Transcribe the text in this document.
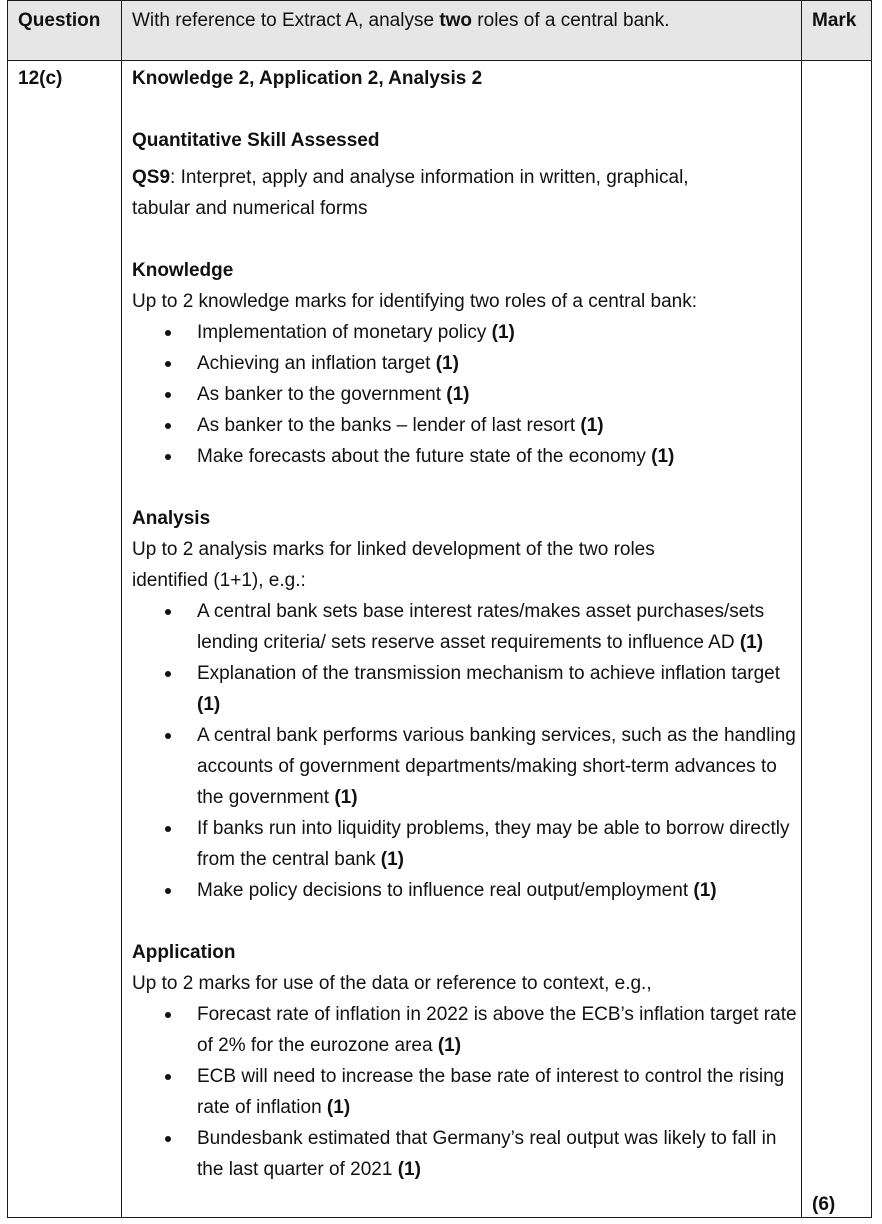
Question With reference to Extract A, analyse two roles of a central bank.	Mark
12(c)
(6)
Knowledge 2, Application 2, Analysis 2
Quantitative Skill Assessed
QS9: Interpret, apply and analyse information in written, graphical,
tabular and numerical forms
Knowledge
Up to 2 knowledge marks for identifying two roles of a central bank:
Implementation of monetary policy (1)
Achieving an inflation target (1)
As banker to the government (1)
As banker to the banks – lender of last resort (1)
Make forecasts about the future state of the economy (1)
Analysis
Up to 2 analysis marks for linked development of the two roles
identified (1+1), e.g.:
A central bank sets base interest rates/makes asset purchases/sets lending criteria/ sets reserve asset requirements to influence AD (1)
Explanation of the transmission mechanism to achieve inflation target (1)
A central bank performs various banking services, such as the handling accounts of government departments/making short-term advances to the government (1)
If banks run into liquidity problems, they may be able to borrow directly from the central bank (1)
Make policy decisions to influence real output/employment (1)
Application
Up to 2 marks for use of the data or reference to context, e.g.,
Forecast rate of inflation in 2022 is above the ECB’s inflation target rate of 2% for the eurozone area (1)
ECB will need to increase the base rate of interest to control the rising rate of inflation (1)
Bundesbank estimated that Germany’s real output was likely to fall in the last quarter of 2021 (1)
